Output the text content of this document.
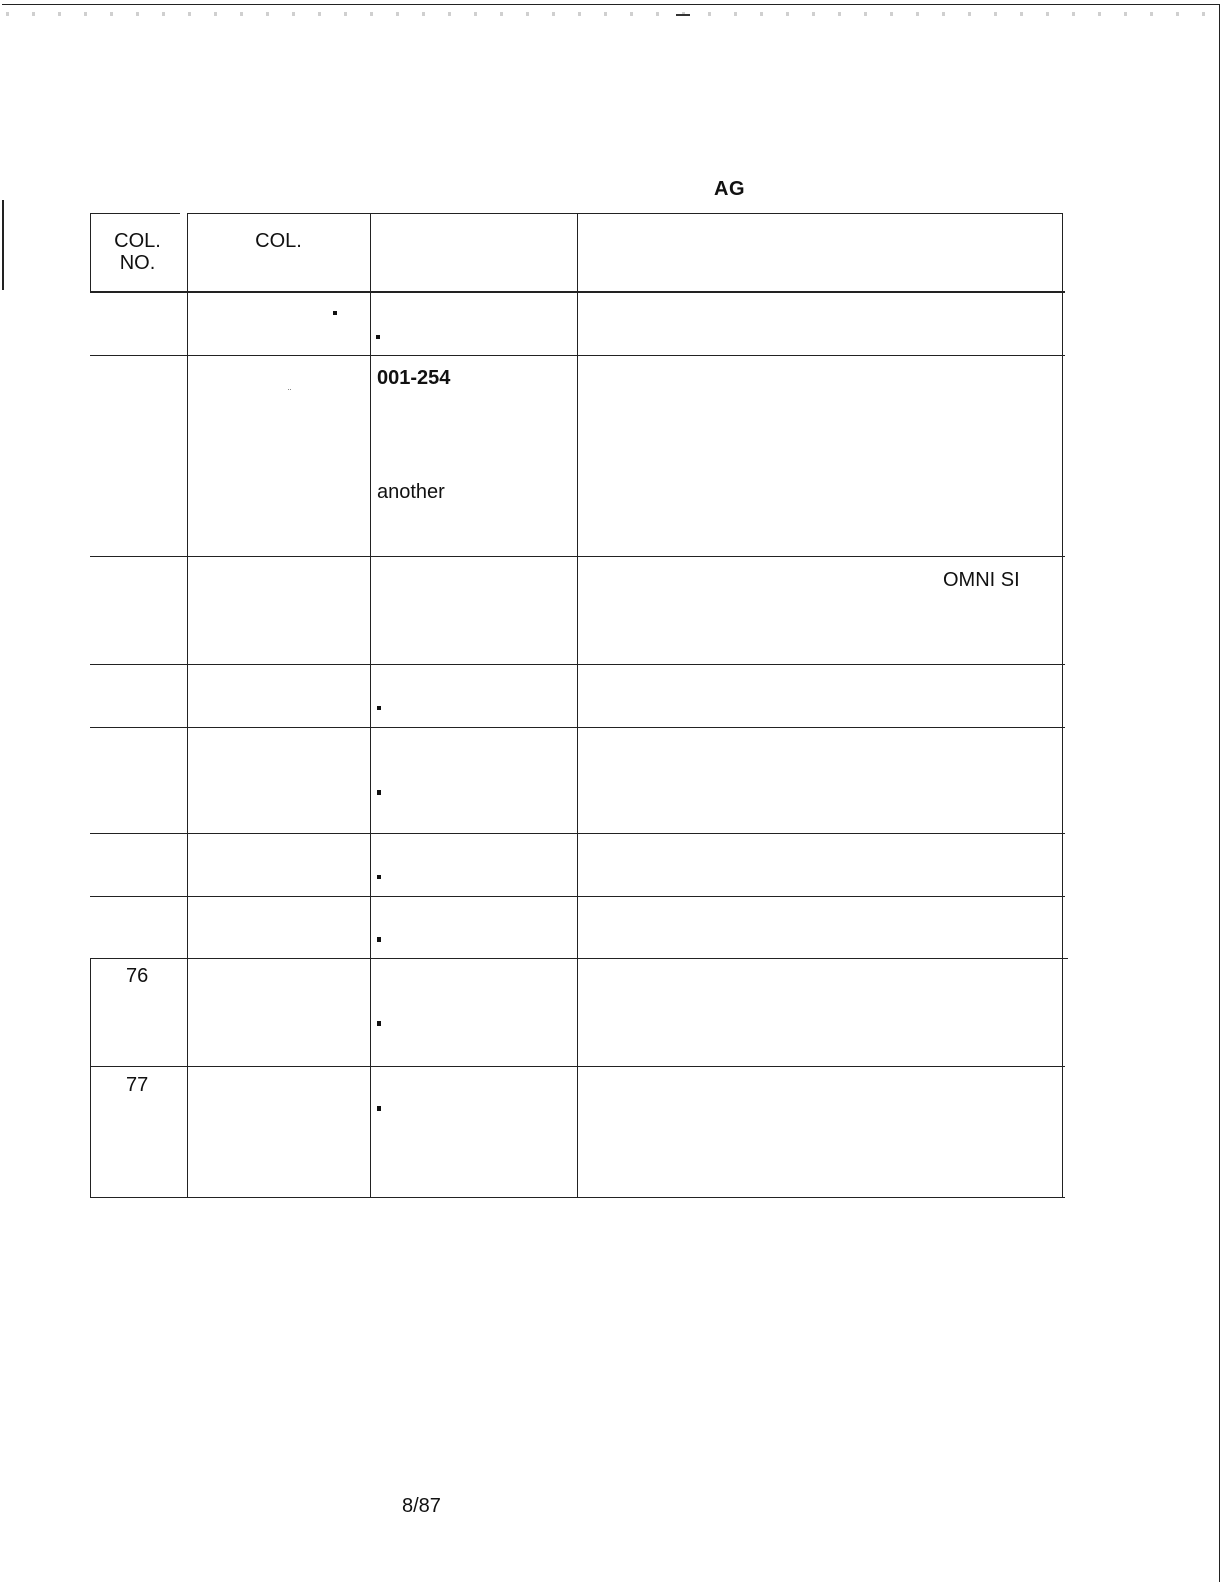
AG
COL.
NO.
COL.
001-254
another
¨
OMNI SI
76
77
8/87
